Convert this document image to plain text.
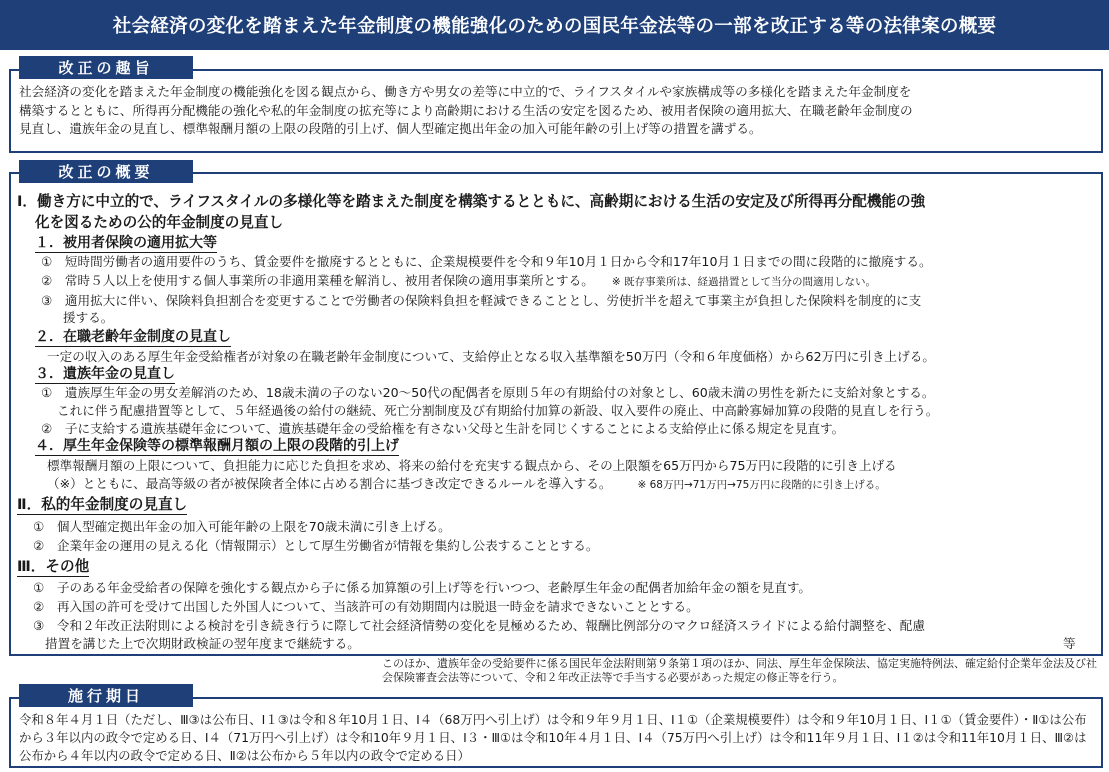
社会経済の変化を踏まえた年金制度の機能強化のための国民年金法等の一部を改正する等の法律案の概要
改正の趣旨
社会経済の変化を踏まえた年金制度の機能強化を図る観点から、働き方や男女の差等に中立的で、ライフスタイルや家族構成等の多様化を踏まえた年金制度を
構築するとともに、所得再分配機能の強化や私的年金制度の拡充等により高齢期における生活の安定を図るため、被用者保険の適用拡大、在職老齢年金制度の
見直し、遺族年金の見直し、標準報酬月額の上限の段階的引上げ、個人型確定拠出年金の加入可能年齢の引上げ等の措置を講ずる。
改正の概要
Ⅰ．働き方に中立的で、ライフスタイルの多様化等を踏まえた制度を構築するとともに、高齢期における生活の安定及び所得再分配機能の強
化を図るための公的年金制度の見直し
１．被用者保険の適用拡大等
①　短時間労働者の適用要件のうち、賃金要件を撤廃するとともに、企業規模要件を令和９年10月１日から令和17年10月１日までの間に段階的に撤廃する。
②　常時５人以上を使用する個人事業所の非適用業種を解消し、被用者保険の適用事業所とする。 ※ 既存事業所は、経過措置として当分の間適用しない。
③　適用拡大に伴い、保険料負担割合を変更することで労働者の保険料負担を軽減できることとし、労使折半を超えて事業主が負担した保険料を制度的に支
援する。
２．在職老齢年金制度の見直し
一定の収入のある厚生年金受給権者が対象の在職老齢年金制度について、支給停止となる収入基準額を50万円（令和６年度価格）から62万円に引き上げる。
３．遺族年金の見直し
①　遺族厚生年金の男女差解消のため、18歳未満の子のない20～50代の配偶者を原則５年の有期給付の対象とし、60歳未満の男性を新たに支給対象とする。
これに伴う配慮措置等として、５年経過後の給付の継続、死亡分割制度及び有期給付加算の新設、収入要件の廃止、中高齢寡婦加算の段階的見直しを行う。
②　子に支給する遺族基礎年金について、遺族基礎年金の受給権を有さない父母と生計を同じくすることによる支給停止に係る規定を見直す。
４．厚生年金保険等の標準報酬月額の上限の段階的引上げ
標準報酬月額の上限について、負担能力に応じた負担を求め、将来の給付を充実する観点から、その上限額を65万円から75万円に段階的に引き上げる
（※）とともに、最高等級の者が被保険者全体に占める割合に基づき改定できるルールを導入する。 ※ 68万円→71万円→75万円に段階的に引き上げる。
Ⅱ．私的年金制度の見直し
①　個人型確定拠出年金の加入可能年齢の上限を70歳未満に引き上げる。
②　企業年金の運用の見える化（情報開示）として厚生労働省が情報を集約し公表することとする。
Ⅲ．その他
①　子のある年金受給者の保障を強化する観点から子に係る加算額の引上げ等を行いつつ、老齢厚生年金の配偶者加給年金の額を見直す。
②　再入国の許可を受けて出国した外国人について、当該許可の有効期間内は脱退一時金を請求できないこととする。
③　令和２年改正法附則による検討を引き続き行うに際して社会経済情勢の変化を見極めるため、報酬比例部分のマクロ経済スライドによる給付調整を、配慮
措置を講じた上で次期財政検証の翌年度まで継続する。	等
このほか、遺族年金の受給要件に係る国民年金法附則第９条第１項のほか、同法、厚生年金保険法、協定実施特例法、確定給付企業年金法及び社会保険審査会法等について、令和２年改正法等で手当する必要があった規定の修正等を行う。
施行期日
令和８年４月１日（ただし、Ⅲ③は公布日、Ⅰ１③は令和８年10月１日、Ⅰ４（68万円へ引上げ）は令和９年９月１日、Ⅰ１①（企業規模要件）は令和９年10月１日、Ⅰ１①（賃金要件）・Ⅱ①は公布から３年以内の政令で定める日、Ⅰ４（71万円へ引上げ）は令和10年９月１日、Ⅰ３・Ⅲ①は令和10年４月１日、Ⅰ４（75万円へ引上げ）は令和11年９月１日、Ⅰ１②は令和11年10月１日、Ⅲ②は公布から４年以内の政令で定める日、Ⅱ②は公布から５年以内の政令で定める日）
